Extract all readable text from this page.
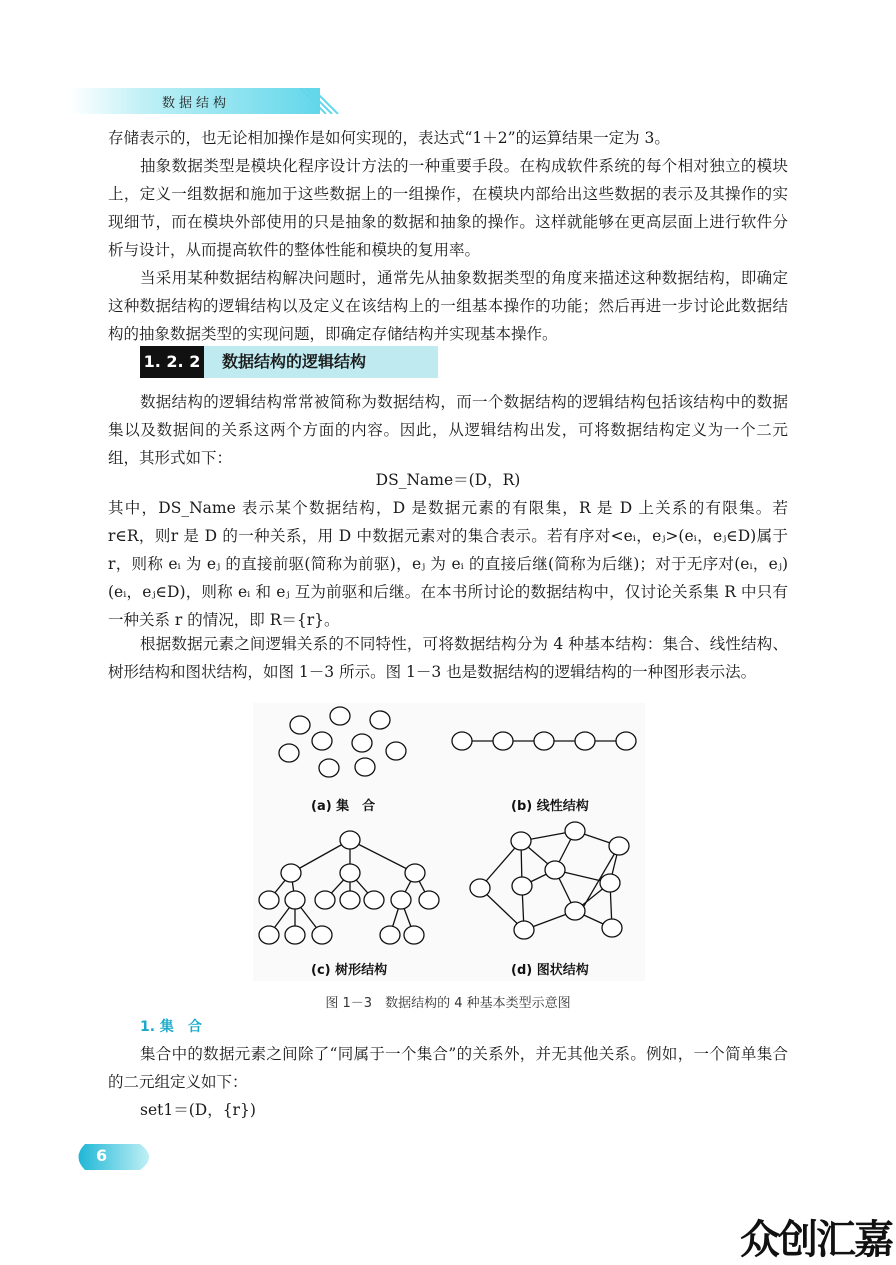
数据结构

存储表示的，也无论相加操作是如何实现的，表达式“1＋2”的运算结果一定为 3。

抽象数据类型是模块化程序设计方法的一种重要手段。在构成软件系统的每个相对独立的模块上，定义一组数据和施加于这些数据上的一组操作，在模块内部给出这些数据的表示及其操作的实现细节，而在模块外部使用的只是抽象的数据和抽象的操作。这样就能够在更高层面上进行软件分析与设计，从而提高软件的整体性能和模块的复用率。

当采用某种数据结构解决问题时，通常先从抽象数据类型的角度来描述这种数据结构，即确定这种数据结构的逻辑结构以及定义在该结构上的一组基本操作的功能；然后再进一步讨论此数据结构的抽象数据类型的实现问题，即确定存储结构并实现基本操作。

1. 2. 2	数据结构的逻辑结构

数据结构的逻辑结构常常被简称为数据结构，而一个数据结构的逻辑结构包括该结构中的数据集以及数据间的关系这两个方面的内容。因此，从逻辑结构出发，可将数据结构定义为一个二元组，其形式如下：

DS_Name＝(D，R)

其中，DS_Name 表示某个数据结构，D 是数据元素的有限集，R 是 D 上关系的有限集。若 r∈R，则r 是 D 的一种关系，用 D 中数据元素对的集合表示。若有序对<eᵢ，eⱼ>(eᵢ，eⱼ∈D)属于 r，则称 eᵢ 为 eⱼ 的直接前驱(简称为前驱)，eⱼ 为 eᵢ 的直接后继(简称为后继)；对于无序对(eᵢ，eⱼ)(eᵢ，eⱼ∈D)，则称 eᵢ 和 eⱼ 互为前驱和后继。在本书所讨论的数据结构中，仅讨论关系集 R 中只有一种关系 r 的情况，即 R＝{r}。

根据数据元素之间逻辑关系的不同特性，可将数据结构分为 4 种基本结构：集合、线性结构、树形结构和图状结构，如图 1－3 所示。图 1－3 也是数据结构的逻辑结构的一种图形表示法。

(a) 集　合	(b) 线性结构
(c) 树形结构	(d) 图状结构
图 1－3　数据结构的 4 种基本类型示意图
1. 集　合

集合中的数据元素之间除了“同属于一个集合”的关系外，并无其他关系。例如，一个简单集合的二元组定义如下：

set1＝(D，{r})
6
众创汇嘉
